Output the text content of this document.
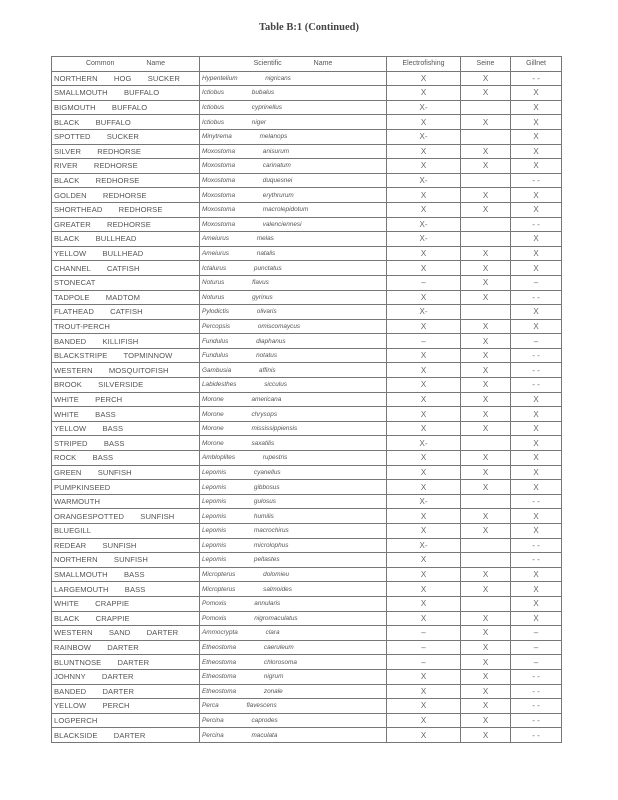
Table B:1 (Continued)
Common Name	Scientific Name	Electrofishing	Seine	Gillnet
NORTHERN HOG SUCKER	Hypentelium nigricans	X	X	- -
SMALLMOUTH BUFFALO	Ictiobus bubalus	X	X	X
BIGMOUTH BUFFALO	Ictiobus cyprinellus	X-		X
BLACK BUFFALO	Ictiobus niger	X	X	X
SPOTTED SUCKER	Minytrema melanops	X-		X
SILVER REDHORSE	Moxostoma anisurum	X	X	X
RIVER REDHORSE	Moxostoma carinatum	X	X	X
BLACK REDHORSE	Moxostoma duquesnei	X-		- -
GOLDEN REDHORSE	Moxostoma erythrurum	X	X	X
SHORTHEAD REDHORSE	Moxostoma macrolepidotum	X	X	X
GREATER REDHORSE	Moxostoma valenciennesi	X-		- -
BLACK BULLHEAD	Ameiurus melas	X-		X
YELLOW BULLHEAD	Ameiurus natalis	X	X	X
CHANNEL CATFISH	Ictalurus punctatus	X	X	X
STONECAT	Noturus flavus	–	X	–
TADPOLE MADTOM	Noturus gyrinus	X	X	- -
FLATHEAD CATFISH	Pylodictis olivaris	X-		X
TROUT-PERCH	Percopsis omiscomaycus	X	X	X
BANDED KILLIFISH	Fundulus diaphanus	–	X	–
BLACKSTRIPE TOPMINNOW	Fundulus notatus	X	X	- -
WESTERN MOSQUITOFISH	Gambusia affinis	X	X	- -
BROOK SILVERSIDE	Labidesthes sicculus	X	X	- -
WHITE PERCH	Morone americana	X	X	X
WHITE BASS	Morone chrysops	X	X	X
YELLOW BASS	Morone mississippiensis	X	X	X
STRIPED BASS	Morone saxatilis	X-		X
ROCK BASS	Ambloplites rupestris	X	X	X
GREEN SUNFISH	Lepomis cyanellus	X	X	X
PUMPKINSEED	Lepomis gibbosus	X	X	X
WARMOUTH	Lepomis gulosus	X-		- -
ORANGESPOTTED SUNFISH	Lepomis humilis	X	X	X
BLUEGILL	Lepomis macrochirus	X	X	X
REDEAR SUNFISH	Lepomis microlophus	X-		- -
NORTHERN SUNFISH	Lepomis peltastes	X		- -
SMALLMOUTH BASS	Micropterus dolomieu	X	X	X
LARGEMOUTH BASS	Micropterus salmoides	X	X	X
WHITE CRAPPIE	Pomoxis annularis	X		X
BLACK CRAPPIE	Pomoxis nigromaculatus	X	X	X
WESTERN SAND DARTER	Ammocrypta clara	–	X	–
RAINBOW DARTER	Etheostoma caeruleum	–	X	–
BLUNTNOSE DARTER	Etheostoma chlorosoma	–	X	–
JOHNNY DARTER	Etheostoma nigrum	X	X	- -
BANDED DARTER	Etheostoma zonale	X	X	- -
YELLOW PERCH	Perca flavescens	X	X	- -
LOGPERCH	Percina caprodes	X	X	- -
BLACKSIDE DARTER	Percina maculata	X	X	- -
